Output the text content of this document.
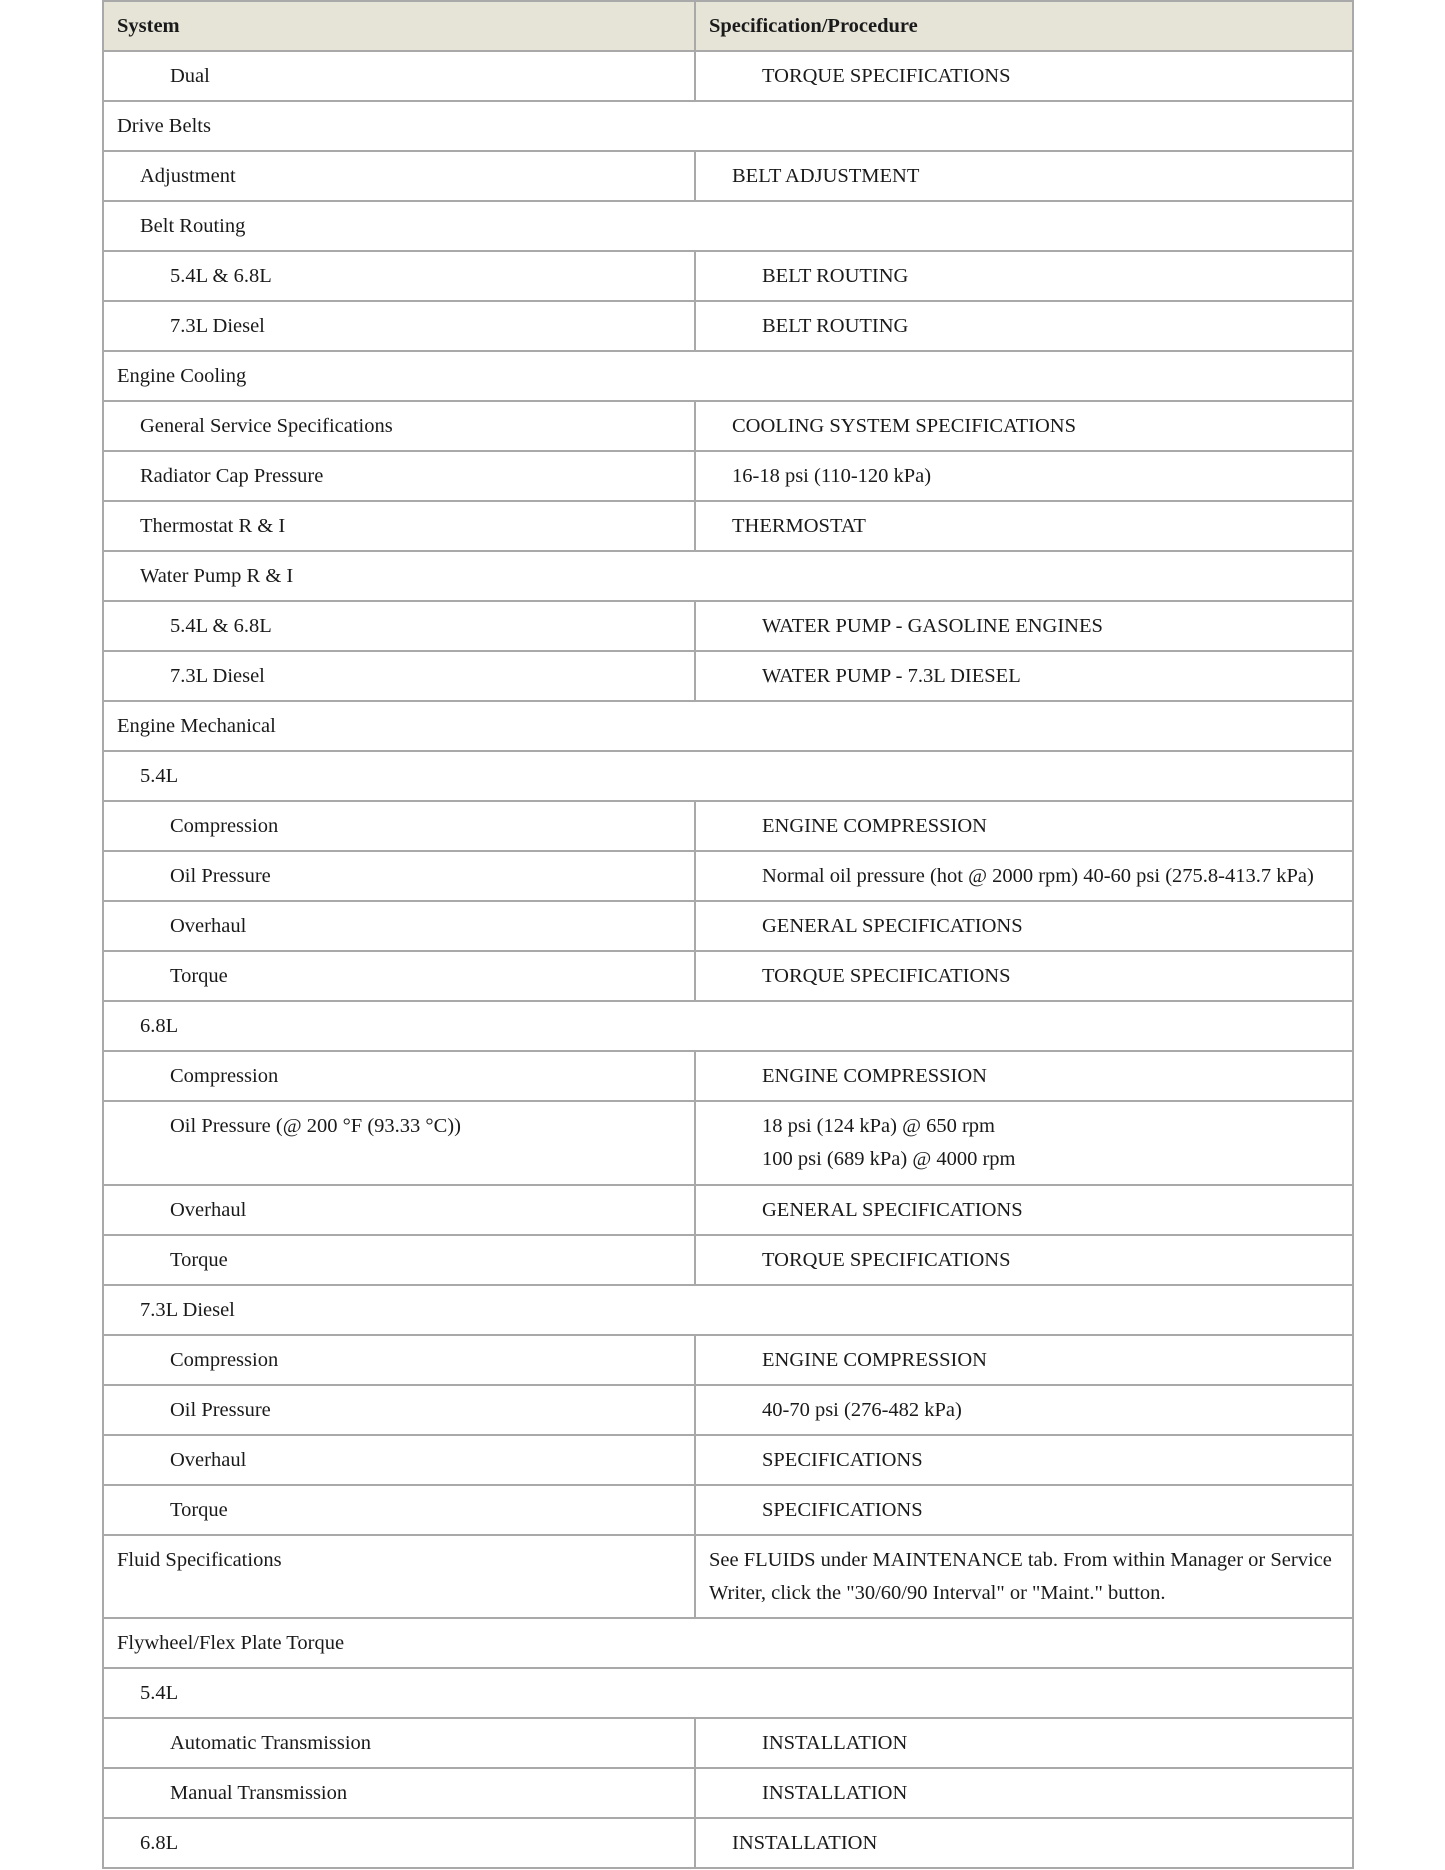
System	Specification/Procedure
Dual	TORQUE SPECIFICATIONS

Drive Belts	
Adjustment	BELT ADJUSTMENT

Belt Routing	
5.4L & 6.8L	BELT ROUTING

7.3L Diesel	BELT ROUTING

Engine Cooling	
General Service Specifications	COOLING SYSTEM SPECIFICATIONS

Radiator Cap Pressure	16-18 psi (110-120 kPa)

Thermostat R & I	THERMOSTAT

Water Pump R & I	
5.4L & 6.8L	WATER PUMP - GASOLINE ENGINES

7.3L Diesel	WATER PUMP - 7.3L DIESEL

Engine Mechanical	
5.4L	
Compression	ENGINE COMPRESSION

Oil Pressure	Normal oil pressure (hot @ 2000 rpm) 40-60 psi (275.8-413.7 kPa)

Overhaul	GENERAL SPECIFICATIONS

Torque	TORQUE SPECIFICATIONS

6.8L	
Compression	ENGINE COMPRESSION

Oil Pressure (@ 200 °F (93.33 °C))	18 psi (124 kPa) @ 650 rpm
100 psi (689 kPa) @ 4000 rpm

Overhaul	GENERAL SPECIFICATIONS

Torque	TORQUE SPECIFICATIONS

7.3L Diesel	
Compression	ENGINE COMPRESSION

Oil Pressure	40-70 psi (276-482 kPa)

Overhaul	SPECIFICATIONS

Torque	SPECIFICATIONS

Fluid Specifications	See FLUIDS under MAINTENANCE tab. From within Manager or Service Writer, click the "30/60/90 Interval" or "Maint." button.

Flywheel/Flex Plate Torque	
5.4L	
Automatic Transmission	INSTALLATION

Manual Transmission	INSTALLATION

6.8L	INSTALLATION
